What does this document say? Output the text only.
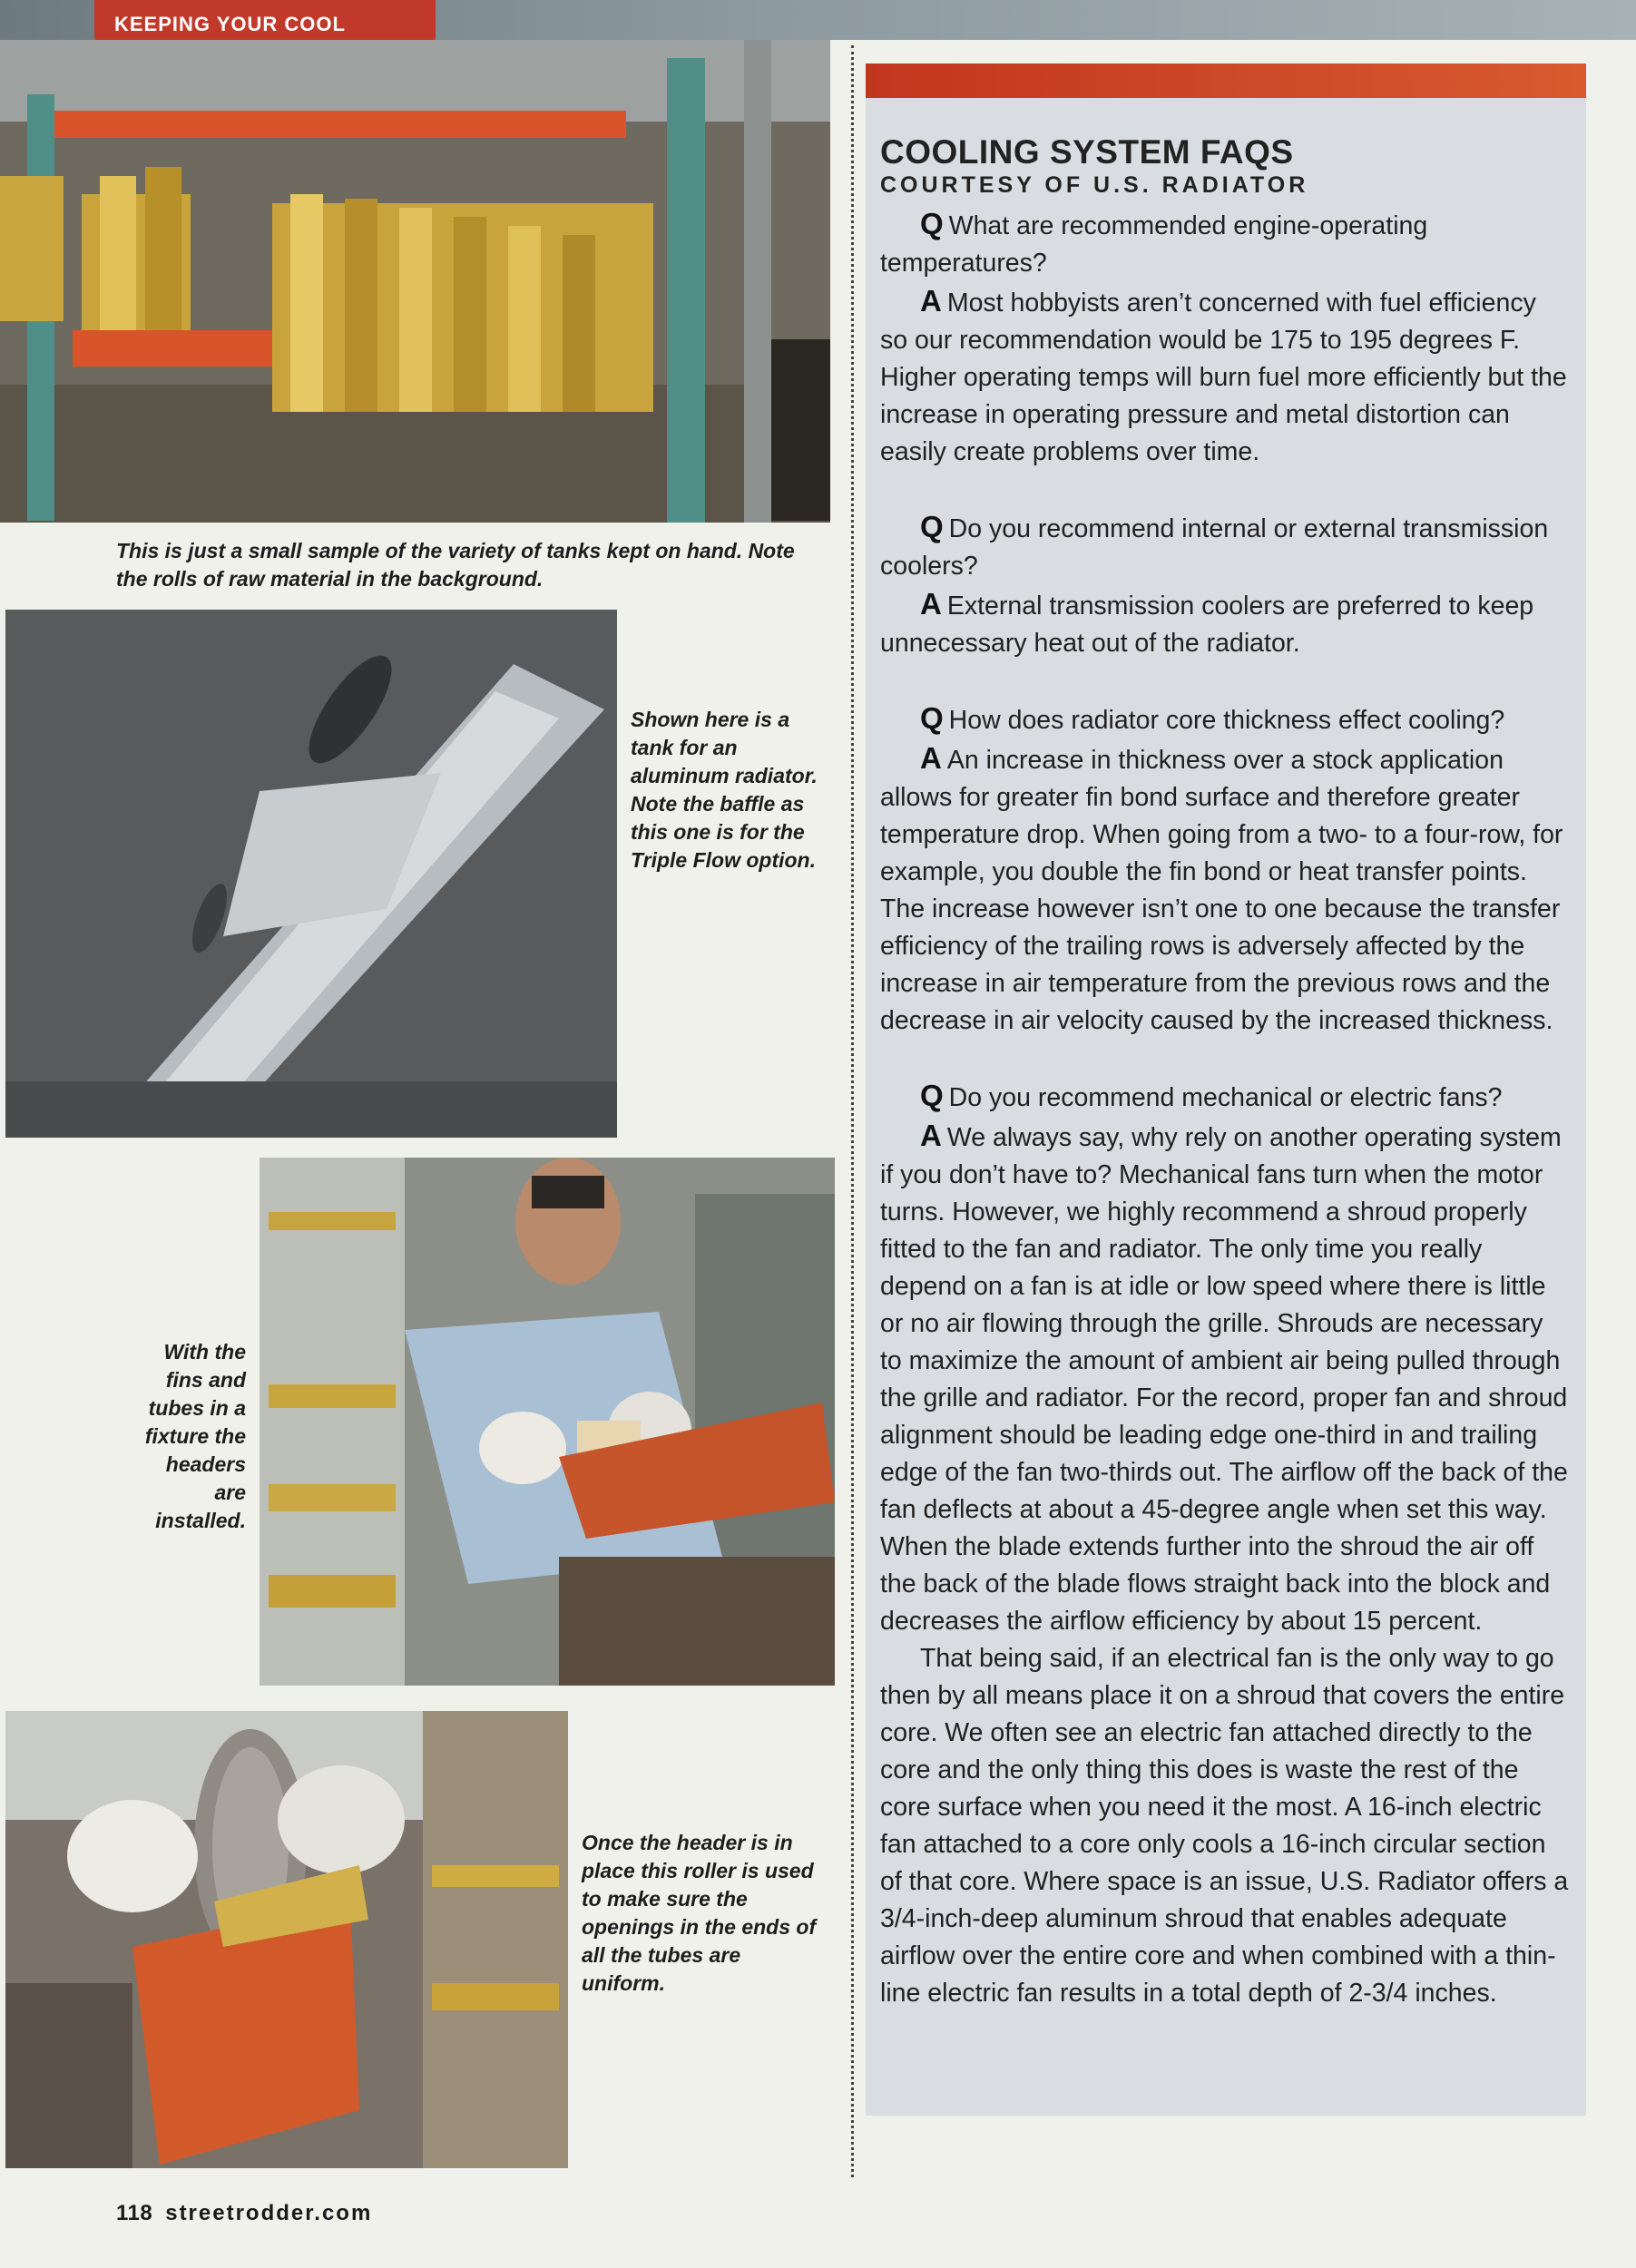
KEEPING YOUR COOL
This is just a small sample of the variety of tanks kept on hand. Note the rolls of raw material in the background.
Shown here is a tank for an aluminum radiator. Note the baffle as this one is for the Triple Flow option.
With the fins and tubes in a fixture the headers are installed.
Once the header is in place this roller is used to make sure the openings in the ends of all the tubes are uniform.
COOLING SYSTEM FAQS
COURTESY OF U.S. RADIATOR

Q What are recommended engine-operating temperatures?

A Most hobbyists aren’t concerned with fuel efficiency so our recommendation would be 175 to 195 degrees F. Higher operating temps will burn fuel more efficiently but the increase in operating pressure and metal distortion can easily create problems over time.

Q Do you recommend internal or external transmission coolers?

A External transmission coolers are preferred to keep unnecessary heat out of the radiator.

Q How does radiator core thickness effect cooling?

A An increase in thickness over a stock application allows for greater fin bond surface and therefore greater temperature drop. When going from a two- to a four-row, for example, you double the fin bond or heat transfer points. The increase however isn’t one to one because the transfer efficiency of the trailing rows is adversely affected by the increase in air temperature from the previous rows and the decrease in air velocity caused by the increased thickness.

Q Do you recommend mechanical or electric fans?

A We always say, why rely on another operating system if you don’t have to? Mechanical fans turn when the motor turns. However, we highly recommend a shroud properly fitted to the fan and radiator. The only time you really depend on a fan is at idle or low speed where there is little or no air flowing through the grille. Shrouds are necessary to maximize the amount of ambient air being pulled through the grille and radiator. For the record, proper fan and shroud alignment should be leading edge one-third in and trailing edge of the fan two-thirds out. The airflow off the back of the fan deflects at about a 45-degree angle when set this way. When the blade extends further into the shroud the air off the back of the blade flows straight back into the block and decreases the airflow efficiency by about 15 percent.

That being said, if an electrical fan is the only way to go then by all means place it on a shroud that covers the entire core. We often see an electric fan attached directly to the core and the only thing this does is waste the rest of the core surface when you need it the most. A 16-inch electric fan attached to a core only cools a 16-inch circular section of that core. Where space is an issue, U.S. Radiator offers a 3/4-inch-deep aluminum shroud that enables adequate airflow over the entire core and when combined with a thin-line electric fan results in a total depth of 2-3/4 inches.

118 streetrodder.com
